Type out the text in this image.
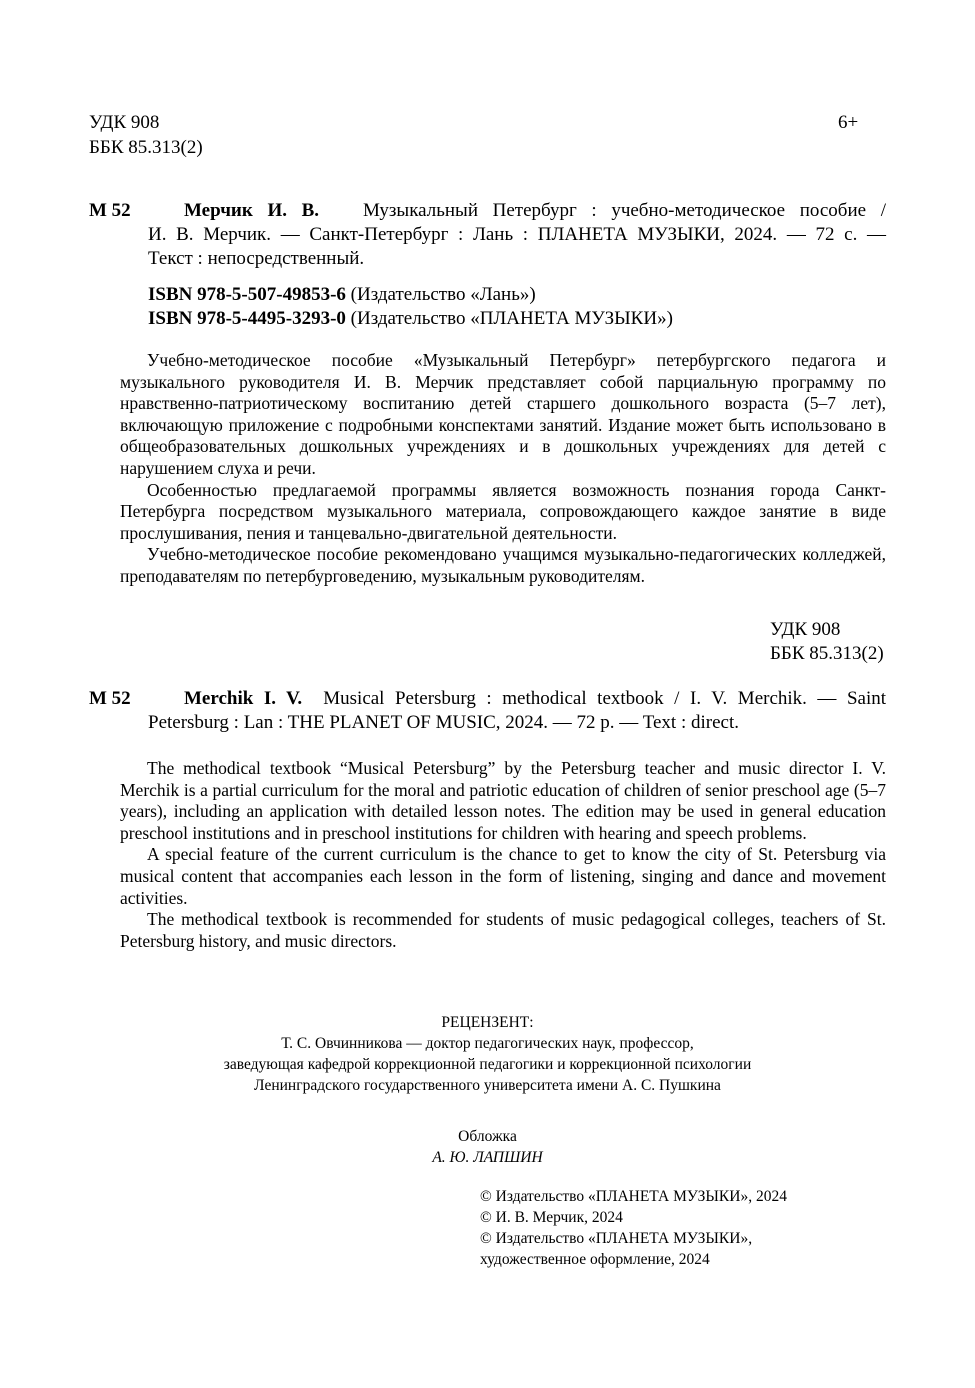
УДК 908
ББК 85.313(2)
6+
М 52	Мерчик И. В. Музыкальный Петербург : учебно-методическое пособие /
И. В. Мерчик. — Санкт-Петербург : Лань : ПЛАНЕТА МУЗЫКИ, 2024. — 72 с. —
Текст : непосредственный.
ISBN 978-5-507-49853-6 (Издательство «Лань»)
ISBN 978-5-4495-3293-0 (Издательство «ПЛАНЕТА МУЗЫКИ»)

Учебно-методическое пособие «Музыкальный Петербург» петербургского педагога и музыкального руководителя И. В. Мерчик представляет собой парциальную программу по нравственно-патриотическому воспитанию детей старшего дошкольного возраста (5–7 лет), включающую приложение с подробными конспектами занятий. Издание может быть использовано в общеобразовательных дошкольных учреждениях и в дошкольных учреждениях для детей с нарушением слуха и речи.

Особенностью предлагаемой программы является возможность познания города Санкт-Петербурга посредством музыкального материала, сопровождающего каждое занятие в виде прослушивания, пения и танцевально-двигательной деятельности.

Учебно-методическое пособие рекомендовано учащимся музыкально-педагогических колледжей, преподавателям по петербурговедению, музыкальным руководителям.

УДК 908
ББК 85.313(2)
М 52	Merchik I. V. Musical Petersburg : methodical textbook / I. V. Merchik. — Saint
Petersburg : Lan : THE PLANET OF MUSIC, 2024. — 72 p. — Text : direct.

The methodical textbook “Musical Petersburg” by the Petersburg teacher and music director I. V. Merchik is a partial curriculum for the moral and patriotic education of children of senior preschool age (5–7 years), including an application with detailed lesson notes. The edition may be used in general education preschool institutions and in preschool institutions for children with hearing and speech problems.

A special feature of the current curriculum is the chance to get to know the city of St. Petersburg via musical content that accompanies each lesson in the form of listening, singing and dance and movement activities.

The methodical textbook is recommended for students of music pedagogical colleges, teachers of St. Petersburg history, and music directors.

РЕЦЕНЗЕНТ:
Т. С. Овчинникова — доктор педагогических наук, профессор,
заведующая кафедрой коррекционной педагогики и коррекционной психологии
Ленинградского государственного университета имени А. С. Пушкина
Обложка
А. Ю. ЛАПШИН
© Издательство «ПЛАНЕТА МУЗЫКИ», 2024
© И. В. Мерчик, 2024
© Издательство «ПЛАНЕТА МУЗЫКИ»,
художественное оформление, 2024
